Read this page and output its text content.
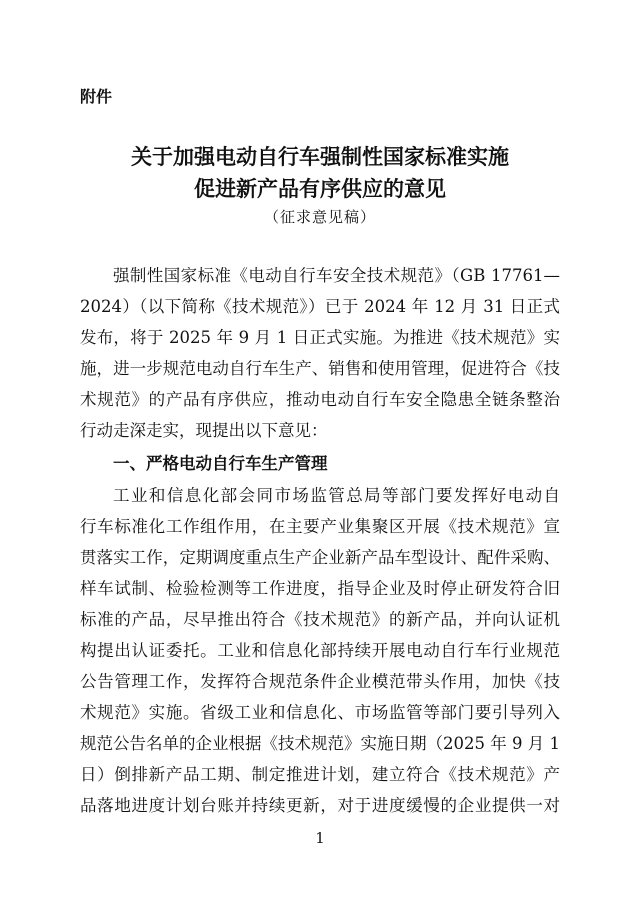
附件
关于加强电动自行车强制性国家标准实施
促进新产品有序供应的意见
（征求意见稿）
强制性国家标准《电动自行车安全技术规范》（GB 17761—
2024）（以下简称《技术规范》）已于 2024 年 12 月 31 日正式
发布，将于 2025 年 9 月 1 日正式实施。为推进《技术规范》实
施，进一步规范电动自行车生产、销售和使用管理，促进符合《技
术规范》的产品有序供应，推动电动自行车安全隐患全链条整治
行动走深走实，现提出以下意见：
一、严格电动自行车生产管理
工业和信息化部会同市场监管总局等部门要发挥好电动自
行车标准化工作组作用，在主要产业集聚区开展《技术规范》宣
贯落实工作，定期调度重点生产企业新产品车型设计、配件采购、
样车试制、检验检测等工作进度，指导企业及时停止研发符合旧
标准的产品，尽早推出符合《技术规范》的新产品，并向认证机
构提出认证委托。工业和信息化部持续开展电动自行车行业规范
公告管理工作，发挥符合规范条件企业模范带头作用，加快《技
术规范》实施。省级工业和信息化、市场监管等部门要引导列入
规范公告名单的企业根据《技术规范》实施日期（2025 年 9 月 1
日）倒排新产品工期、制定推进计划，建立符合《技术规范》产
品落地进度计划台账并持续更新，对于进度缓慢的企业提供一对
1
